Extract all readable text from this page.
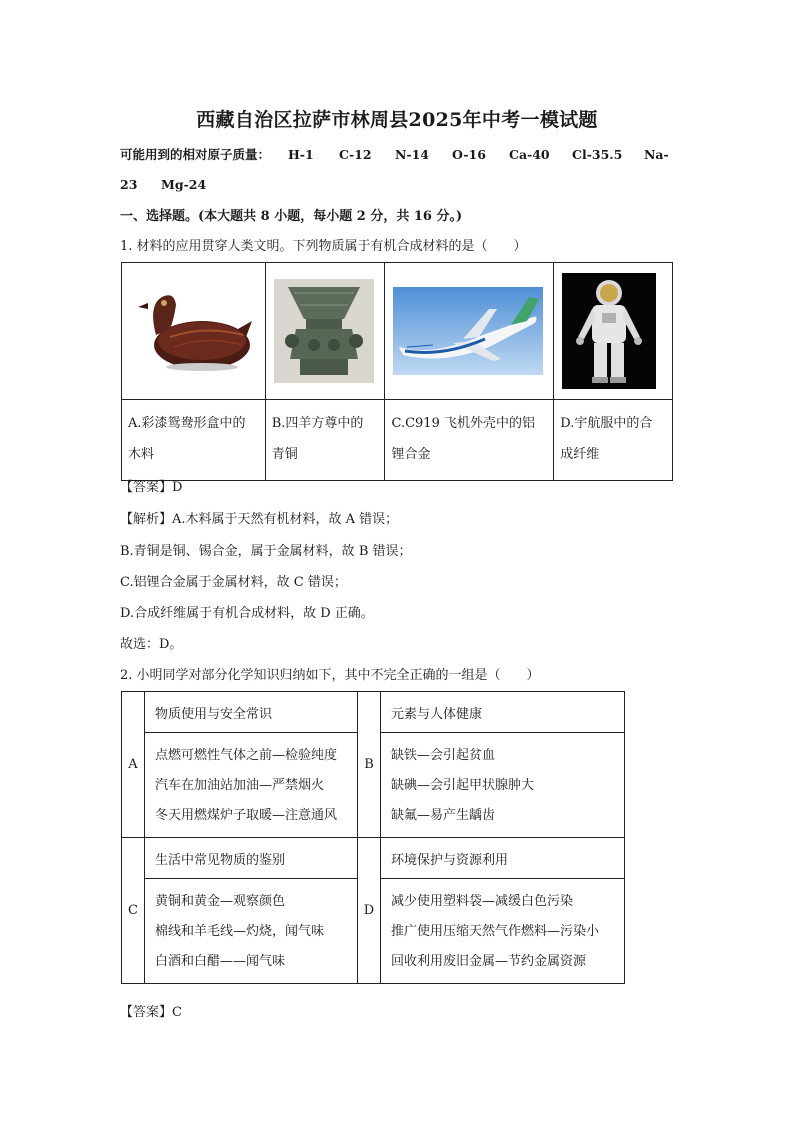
西藏自治区拉萨市林周县2025年中考一模试题
可能用到的相对原子质量： H-1 C-12 N-14 O-16 Ca-40 Cl-35.5 Na-
23 Mg-24
一、选择题。(本大题共 8 小题，每小题 2 分，共 16 分。)
1. 材料的应用贯穿人类文明。下列物质属于有机合成材料的是（　　）

A.彩漆鸳鸯形盒中的
木料	B.四羊方尊中的
青铜	C.C919 飞机外壳中的铝
锂合金	D.宇航服中的合
成纤维
【答案】D
【解析】A.木料属于天然有机材料，故 A 错误；
B.青铜是铜、锡合金，属于金属材料，故 B 错误；
C.铝锂合金属于金属材料，故 C 错误；
D.合成纤维属于有机合成材料，故 D 正确。
故选：D。
2. 小明同学对部分化学知识归纳如下，其中不完全正确的一组是（　　）
A	物质使用与安全常识	B	元素与人体健康

	点燃可燃性气体之前—检验纯度
汽车在加油站加油—严禁烟火
冬天用燃煤炉子取暖—注意通风		缺铁—会引起贫血
缺碘—会引起甲状腺肿大
缺氟—易产生龋齿

C	生活中常见物质的鉴别	D	环境保护与资源利用

	黄铜和黄金—观察颜色
棉线和羊毛线—灼烧，闻气味
白酒和白醋——闻气味		减少使用塑料袋—减缓白色污染
推广使用压缩天然气作燃料—污染小
回收利用废旧金属—节约金属资源
【答案】C
